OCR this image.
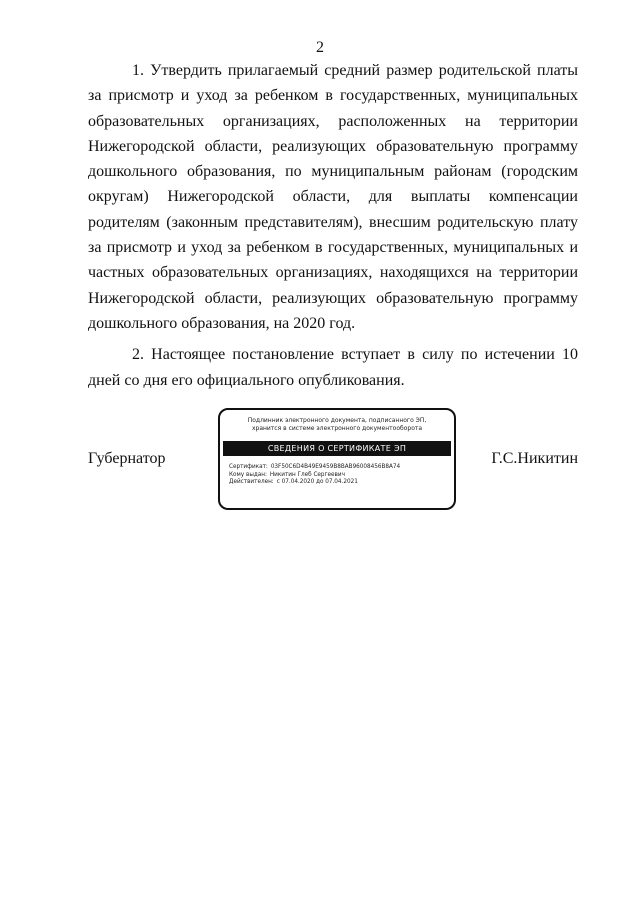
2

1. Утвердить прилагаемый средний размер родительской платы за присмотр и уход за ребенком в государственных, муниципальных образовательных организациях, расположенных на территории Нижегородской области, реализующих образовательную программу дошкольного образования, по муниципальным районам (городским округам) Нижегородской области, для выплаты компенсации родителям (законным представителям), внесшим родительскую плату за присмотр и уход за ребенком в государственных, муниципальных и частных образовательных организациях, находящихся на территории Нижегородской области, реализующих образовательную программу дошкольного образования, на 2020 год.

2. Настоящее постановление вступает в силу по истечении 10 дней со дня его официального опубликования.

Губернатор
Подлинник электронного документа, подписанного ЭП,
хранится в системе электронного документооборота
СВЕДЕНИЯ О СЕРТИФИКАТЕ ЭП
Сертификат: 03F50C6D4B49E9459B8BAB96008456B8A74
Кому выдан: Никитин Глеб Сергеевич
Действителен: с 07.04.2020 до 07.04.2021
Г.С.Никитин
